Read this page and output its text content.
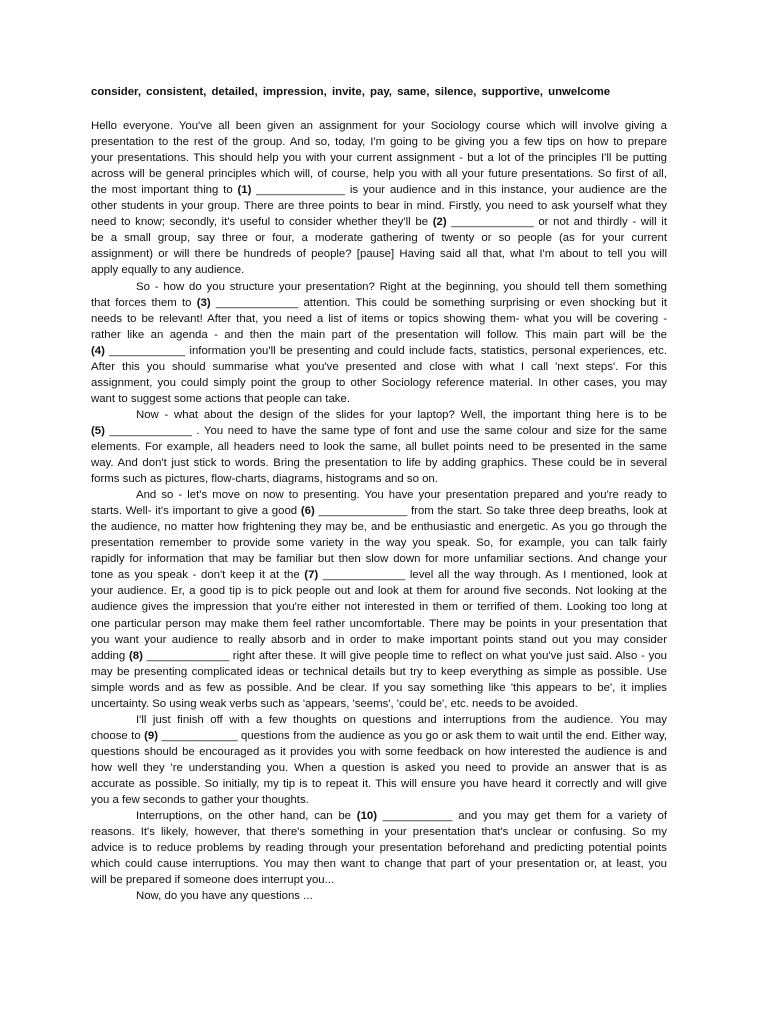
consider, consistent, detailed, impression, invite, pay, same, silence, supportive, unwelcome
Hello everyone. You've all been given an assignment for your Sociology course which will involve giving a
presentation to the rest of the group. And so, today, I'm going to be giving you a few tips on how to prepare
your presentations. This should help you with your current assignment - but a lot of the principles I'll be putting
across will be general principles which will, of course, help you with all your future presentations. So first of all,
the most important thing to (1) ______________ is your audience and in this instance, your audience are the
other students in your group. There are three points to bear in mind. Firstly, you need to ask yourself what they
need to know; secondly, it's useful to consider whether they'll be (2) _____________ or not and thirdly - will it
be a small group, say three or four, a moderate gathering of twenty or so people (as for your current
assignment) or will there be hundreds of people? [pause] Having said all that, what I'm about to tell you will
apply equally to any audience.
So - how do you structure your presentation? Right at the beginning, you should tell them something
that forces them to (3) _____________ attention. This could be something surprising or even shocking but it
needs to be relevant! After that, you need a list of items or topics showing them- what you will be covering -
rather like an agenda - and then the main part of the presentation will follow. This main part will be the
(4) ____________ information you'll be presenting and could include facts, statistics, personal experiences, etc.
After this you should summarise what you've presented and close with what I call 'next steps'. For this
assignment, you could simply point the group to other Sociology reference material. In other cases, you may
want to suggest some actions that people can take.
Now - what about the design of the slides for your laptop? Well, the important thing here is to be
(5) _____________ . You need to have the same type of font and use the same colour and size for the same
elements. For example, all headers need to look the same, all bullet points need to be presented in the same
way. And don't just stick to words. Bring the presentation to life by adding graphics. These could be in several
forms such as pictures, flow-charts, diagrams, histograms and so on.
And so - let's move on now to presenting. You have your presentation prepared and you're ready to
starts. Well- it's important to give a good (6) ______________ from the start. So take three deep breaths, look at
the audience, no matter how frightening they may be, and be enthusiastic and energetic. As you go through the
presentation remember to provide some variety in the way you speak. So, for example, you can talk fairly
rapidly for information that may be familiar but then slow down for more unfamiliar sections. And change your
tone as you speak - don't keep it at the (7) _____________ level all the way through. As I mentioned, look at
your audience. Er, a good tip is to pick people out and look at them for around five seconds. Not looking at the
audience gives the impression that you're either not interested in them or terrified of them. Looking too long at
one particular person may make them feel rather uncomfortable. There may be points in your presentation that
you want your audience to really absorb and in order to make important points stand out you may consider
adding (8) _____________ right after these. It will give people time to reflect on what you've just said. Also - you
may be presenting complicated ideas or technical details but try to keep everything as simple as possible. Use
simple words and as few as possible. And be clear. If you say something like 'this appears to be', it implies
uncertainty. So using weak verbs such as 'appears, 'seems', 'could be', etc. needs to be avoided.
I'll just finish off with a few thoughts on questions and interruptions from the audience. You may
choose to (9) ____________ questions from the audience as you go or ask them to wait until the end. Either way,
questions should be encouraged as it provides you with some feedback on how interested the audience is and
how well they 're understanding you. When a question is asked you need to provide an answer that is as
accurate as possible. So initially, my tip is to repeat it. This will ensure you have heard it correctly and will give
you a few seconds to gather your thoughts.
Interruptions, on the other hand, can be (10) ___________ and you may get them for a variety of
reasons. It's likely, however, that there's something in your presentation that's unclear or confusing. So my
advice is to reduce problems by reading through your presentation beforehand and predicting potential points
which could cause interruptions. You may then want to change that part of your presentation or, at least, you
will be prepared if someone does interrupt you...
Now, do you have any questions ...
